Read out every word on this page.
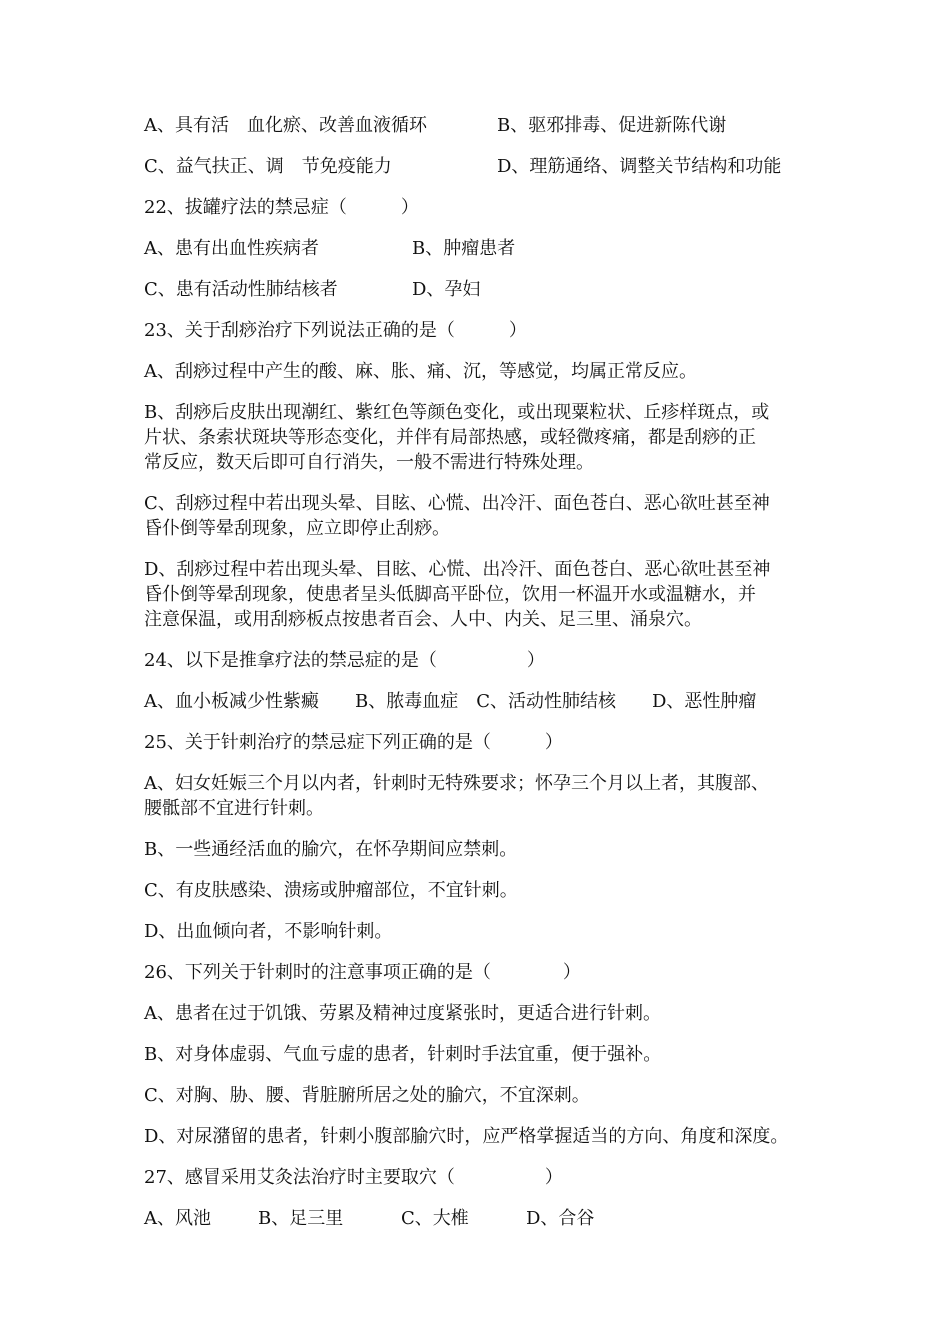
A、具有活　血化瘀、改善血液循环	B、驱邪排毒、促进新陈代谢
C、益气扶正、调　节免疫能力	D、理筋通络、调整关节结构和功能
22、拔罐疗法的禁忌症（　　　）
A、患有出血性疾病者	B、肿瘤患者
C、患有活动性肺结核者	D、孕妇
23、关于刮痧治疗下列说法正确的是（　　　）
A、刮痧过程中产生的酸、麻、胀、痛、沉，等感觉，均属正常反应。
B、刮痧后皮肤出现潮红、紫红色等颜色变化，或出现粟粒状、丘疹样斑点，或
片状、条索状斑块等形态变化，并伴有局部热感，或轻微疼痛，都是刮痧的正
常反应，数天后即可自行消失，一般不需进行特殊处理。
C、刮痧过程中若出现头晕、目眩、心慌、出冷汗、面色苍白、恶心欲吐甚至神
昏仆倒等晕刮现象，应立即停止刮痧。
D、刮痧过程中若出现头晕、目眩、心慌、出冷汗、面色苍白、恶心欲吐甚至神
昏仆倒等晕刮现象，使患者呈头低脚高平卧位，饮用一杯温开水或温糖水，并
注意保温，或用刮痧板点按患者百会、人中、内关、足三里、涌泉穴。
24、以下是推拿疗法的禁忌症的是（　　　　　）
A、血小板减少性紫癜　　B、脓毒血症　C、活动性肺结核　　D、恶性肿瘤
25、关于针刺治疗的禁忌症下列正确的是（　　　）
A、妇女妊娠三个月以内者，针刺时无特殊要求；怀孕三个月以上者，其腹部、
腰骶部不宜进行针刺。
B、一些通经活血的腧穴，在怀孕期间应禁刺。
C、有皮肤感染、溃疡或肿瘤部位，不宜针刺。
D、出血倾向者，不影响针刺。
26、下列关于针刺时的注意事项正确的是（　　　　）
A、患者在过于饥饿、劳累及精神过度紧张时，更适合进行针刺。
B、对身体虚弱、气血亏虚的患者，针刺时手法宜重，便于强补。
C、对胸、胁、腰、背脏腑所居之处的腧穴，不宜深刺。
D、对尿潴留的患者，针刺小腹部腧穴时，应严格掌握适当的方向、角度和深度。
27、感冒采用艾灸法治疗时主要取穴（　　　　　）
A、风池	B、足三里	C、大椎	D、合谷
